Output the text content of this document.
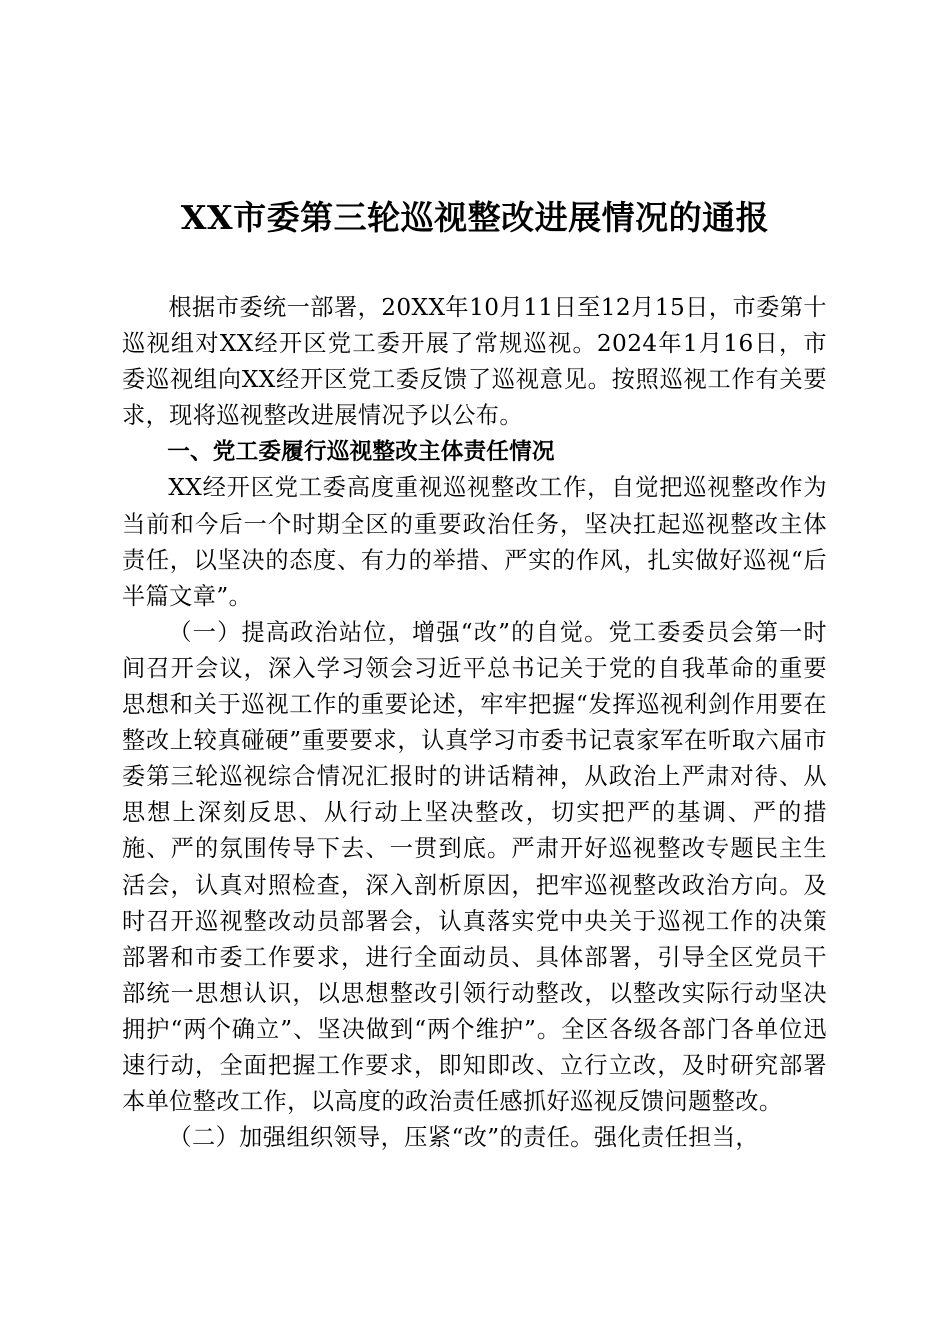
XX市委第三轮巡视整改进展情况的通报

根据市委统一部署，20XX年10月11日至12月15日，市委第十巡视组对XX经开区党工委开展了常规巡视。2024年1月16日，市委巡视组向XX经开区党工委反馈了巡视意见。按照巡视工作有关要求，现将巡视整改进展情况予以公布。

一、党工委履行巡视整改主体责任情况

XX经开区党工委高度重视巡视整改工作，自觉把巡视整改作为当前和今后一个时期全区的重要政治任务，坚决扛起巡视整改主体责任，以坚决的态度、有力的举措、严实的作风，扎实做好巡视“后半篇文章”。

（一）提高政治站位，增强“改”的自觉。党工委委员会第一时间召开会议，深入学习领会习近平总书记关于党的自我革命的重要思想和关于巡视工作的重要论述，牢牢把握“发挥巡视利剑作用要在整改上较真碰硬”重要要求，认真学习市委书记袁家军在听取六届市委第三轮巡视综合情况汇报时的讲话精神，从政治上严肃对待、从思想上深刻反思、从行动上坚决整改，切实把严的基调、严的措施、严的氛围传导下去、一贯到底。严肃开好巡视整改专题民主生活会，认真对照检查，深入剖析原因，把牢巡视整改政治方向。及时召开巡视整改动员部署会，认真落实党中央关于巡视工作的决策部署和市委工作要求，进行全面动员、具体部署，引导全区党员干部统一思想认识，以思想整改引领行动整改，以整改实际行动坚决拥护“两个确立”、坚决做到“两个维护”。全区各级各部门各单位迅速行动，全面把握工作要求，即知即改、立行立改，及时研究部署本单位整改工作，以高度的政治责任感抓好巡视反馈问题整改。

（二）加强组织领导，压紧“改”的责任。强化责任担当，
